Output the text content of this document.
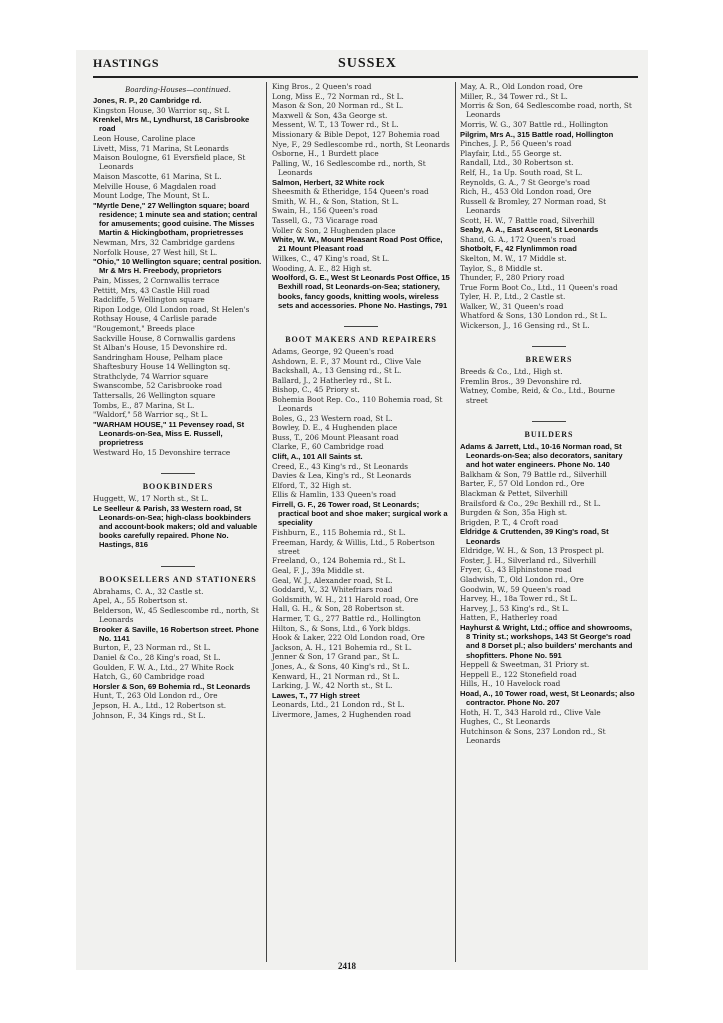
HASTINGS	SUSSEX
Boarding-Houses—continued.
Jones, R. P., 20 Cambridge rd.
Kingston House, 30 Warrior sq., St L
Krenkel, Mrs M., Lyndhurst, 18 Carisbrooke road
Leon House, Caroline place
Livett, Miss, 71 Marina, St Leonards
Maison Boulogne, 61 Eversfield place, St Leonards
Maison Mascotte, 61 Marina, St L.
Melville House, 6 Magdalen road
Mount Lodge, The Mount, St L.
"Myrtle Dene," 27 Wellington square; board residence; 1 minute sea and station; central for amusements; good cuisine. The Misses Martin & Hickingbotham, proprietresses
Newman, Mrs, 32 Cambridge gardens
Norfolk House, 27 West hill, St L.
"Ohio," 10 Wellington square; central position. Mr & Mrs H. Freebody, proprietors
Pain, Misses, 2 Cornwallis terrace
Pettitt, Mrs, 43 Castle Hill road
Radcliffe, 5 Wellington square
Ripon Lodge, Old London road, St Helen's
Rothsay House, 4 Carlisle parade
"Rougemont," Breeds place
Sackville House, 8 Cornwallis gardens
St Alban's House, 15 Devonshire rd.
Sandringham House, Pelham place
Shaftesbury House 14 Wellington sq.
Strathclyde, 74 Warrior square
Swanscombe, 52 Carisbrooke road
Tattersalls, 26 Wellington square
Tombs, E., 87 Marina, St L.
"Waldorf," 58 Warrior sq., St L.
"WARHAM HOUSE," 11 Pevensey road, St Leonards-on-Sea, Miss E. Russell, proprietress
Westward Ho, 15 Devonshire terrace
BOOKBINDERS
Huggett, W., 17 North st., St L.
Le Seelleur & Parish, 33 Western road, St Leonards-on-Sea; high-class bookbinders and account-book makers; old and valuable books carefully repaired. Phone No. Hastings, 816
BOOKSELLERS AND STATIONERS
Abrahams, C. A., 32 Castle st.
Apel, A., 55 Robertson st.
Belderson, W., 45 Sedlescombe rd., north, St Leonards
Brooker & Saville, 16 Robertson street. Phone No. 1141
Burton, F., 23 Norman rd., St L.
Daniel & Co., 28 King's road, St L.
Goulden, F. W. A., Ltd., 27 White Rock
Hatch, G., 60 Cambridge road
Horsler & Son, 69 Bohemia rd., St Leonards
Hunt, T., 263 Old London rd., Ore
Jepson, H. A., Ltd., 12 Robertson st.
Johnson, F., 34 Kings rd., St L.
King Bros., 2 Queen's road
Long, Miss E., 72 Norman rd., St L.
Mason & Son, 20 Norman rd., St L.
Maxwell & Son, 43a George st.
Messent, W. T., 13 Tower rd., St L.
Missionary & Bible Depot, 127 Bohemia road
Nye, F., 29 Sedlescombe rd., north, St Leonards
Osborne, H., 1 Burdett place
Palling, W., 16 Sedlescombe rd., north, St Leonards
Salmon, Herbert, 32 White rock
Sheesmith & Etheridge, 154 Queen's road
Smith, W. H., & Son, Station, St L.
Swain, H., 156 Queen's road
Tassell, G., 73 Vicarage road
Voller & Son, 2 Hughenden place
White, W. W., Mount Pleasant Road Post Office, 21 Mount Pleasant road
Wilkes, C., 47 King's road, St L.
Wooding, A. E., 82 High st.
Woolford, G. E., West St Leonards Post Office, 15 Bexhill road, St Leonards-on-Sea; stationery, books, fancy goods, knitting wools, wireless sets and accessories. Phone No. Hastings, 791
BOOT MAKERS AND REPAIRERS
Adams, George, 92 Queen's road
Ashdown, E. F., 37 Mount rd., Clive Vale
Backshall, A., 13 Gensing rd., St L.
Ballard, J., 2 Hatherley rd., St L.
Bishop, C., 45 Priory st.
Bohemia Boot Rep. Co., 110 Bohemia road, St Leonards
Boles, G., 23 Western road, St L.
Bowley, D. E., 4 Hughenden place
Buss, T., 206 Mount Pleasant road
Clarke, F., 60 Cambridge road
Clift, A., 101 All Saints st.
Creed, E., 43 King's rd., St Leonards
Davies & Lea, King's rd., St Leonards
Elford, T., 32 High st.
Ellis & Hamlin, 133 Queen's road
Firrell, G. F., 26 Tower road, St Leonards; practical boot and shoe maker; surgical work a speciality
Fishburn, E., 115 Bohemia rd., St L.
Freeman, Hardy, & Willis, Ltd., 5 Robertson street
Freeland, O., 124 Bohemia rd., St L.
Geal, F. J., 39a Middle st.
Geal, W. J., Alexander road, St L.
Goddard, V., 32 Whitefriars road
Goldsmith, W. H., 211 Harold road, Ore
Hall, G. H., & Son, 28 Robertson st.
Harmer, T. G., 277 Battle rd., Hollington
Hilton, S., & Sons, Ltd., 6 York bldgs.
Hook & Laker, 222 Old London road, Ore
Jackson, A. H., 121 Bohemia rd., St L.
Jenner & Son, 17 Grand par., St L.
Jones, A., & Sons, 40 King's rd., St L.
Kenward, H., 21 Norman rd., St L.
Larking, J. W., 42 North st., St L.
Lawes, T., 77 High street
Leonards, Ltd., 21 London rd., St L.
Livermore, James, 2 Hughenden road
May, A. R., Old London road, Ore
Miller, R., 34 Tower rd., St L.
Morris & Son, 64 Sedlescombe road, north, St Leonards
Morris, W. G., 307 Battle rd., Hollington
Pilgrim, Mrs A., 315 Battle road, Hollington
Pinches, J. P., 56 Queen's road
Playfair, Ltd., 55 George st.
Randall, Ltd., 30 Robertson st.
Relf, H., 1a Up. South road, St L.
Reynolds, G. A., 7 St George's road
Rich, H., 453 Old London road, Ore
Russell & Bromley, 27 Norman road, St Leonards
Scott, H. W., 7 Battle road, Silverhill
Seaby, A. A., East Ascent, St Leonards
Shand, G. A., 172 Queen's road
Shotbolt, F., 42 Flynlimmon road
Skelton, M. W., 17 Middle st.
Taylor, S., 8 Middle st.
Thunder, F., 280 Priory road
True Form Boot Co., Ltd., 11 Queen's road
Tyler, H. P., Ltd., 2 Castle st.
Walker, W., 31 Queen's road
Whatford & Sons, 130 London rd., St L.
Wickerson, J., 16 Gensing rd., St L.
BREWERS
Breeds & Co., Ltd., High st.
Fremlin Bros., 39 Devonshire rd.
Watney, Combe, Reid, & Co., Ltd., Bourne street
BUILDERS
Adams & Jarrett, Ltd., 10-16 Norman road, St Leonards-on-Sea; also decorators, sanitary and hot water engineers. Phone No. 140
Balkham & Son, 79 Battle rd., Silverhill
Barter, F., 57 Old London rd., Ore
Blackman & Pettet, Silverhill
Brailsford & Co., 29c Bexhill rd., St L.
Burgden & Son, 35a High st.
Brigden, P. T., 4 Croft road
Eldridge & Cruttenden, 39 King's road, St Leonards
Eldridge, W. H., & Son, 13 Prospect pl.
Foster, J. H., Silverland rd., Silverhill
Fryer, G., 43 Elphinstone road
Gladwish, T., Old London rd., Ore
Goodwin, W., 59 Queen's road
Harvey, H., 18a Tower rd., St L.
Harvey, J., 53 King's rd., St L.
Hatten, F., Hatherley road
Hayhurst & Wright, Ltd.; office and showrooms, 8 Trinity st.; workshops, 143 St George's road and 8 Dorset pl.; also builders' merchants and shopfitters. Phone No. 591
Heppell & Sweetman, 31 Priory st.
Heppell E., 122 Stonefield road
Hills, H., 10 Havelock road
Hoad, A., 10 Tower road, west, St Leonards; also contractor. Phone No. 207
Hoth, H. T., 343 Harold rd., Clive Vale
Hughes, C., St Leonards
Hutchinson & Sons, 237 London rd., St Leonards
2418
